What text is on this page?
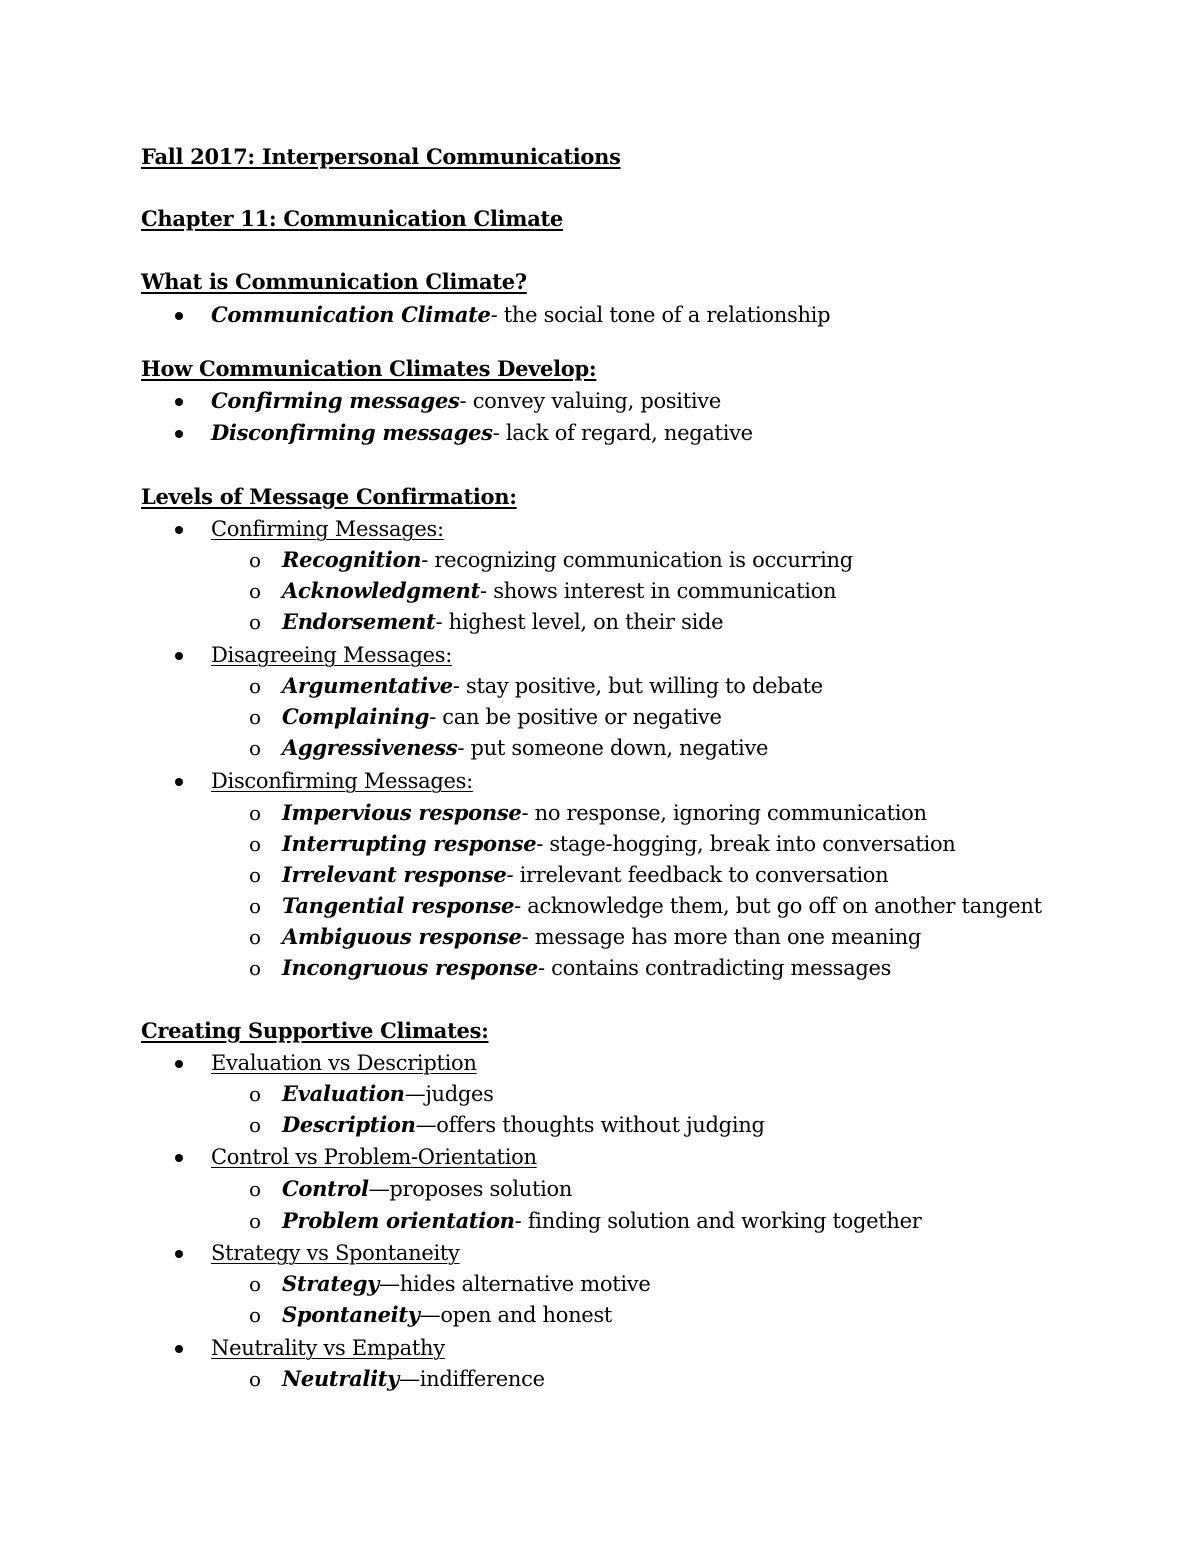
Fall 2017: Interpersonal Communications
Chapter 11: Communication Climate
What is Communication Climate?
Communication Climate- the social tone of a relationship
How Communication Climates Develop:
Confirming messages- convey valuing, positive
Disconfirming messages- lack of regard, negative
Levels of Message Confirmation:
Confirming Messages:
o Recognition- recognizing communication is occurring
o Acknowledgment- shows interest in communication
o Endorsement- highest level, on their side
Disagreeing Messages:
o Argumentative- stay positive, but willing to debate
o Complaining- can be positive or negative
o Aggressiveness- put someone down, negative
Disconfirming Messages:
o Impervious response- no response, ignoring communication
o Interrupting response- stage-hogging, break into conversation
o Irrelevant response- irrelevant feedback to conversation
o Tangential response- acknowledge them, but go off on another tangent
o Ambiguous response- message has more than one meaning
o Incongruous response- contains contradicting messages
Creating Supportive Climates:
Evaluation vs Description
o Evaluation—judges
o Description—offers thoughts without judging
Control vs Problem-Orientation
o Control—proposes solution
o Problem orientation- finding solution and working together
Strategy vs Spontaneity
o Strategy—hides alternative motive
o Spontaneity—open and honest
Neutrality vs Empathy
o Neutrality—indifference
